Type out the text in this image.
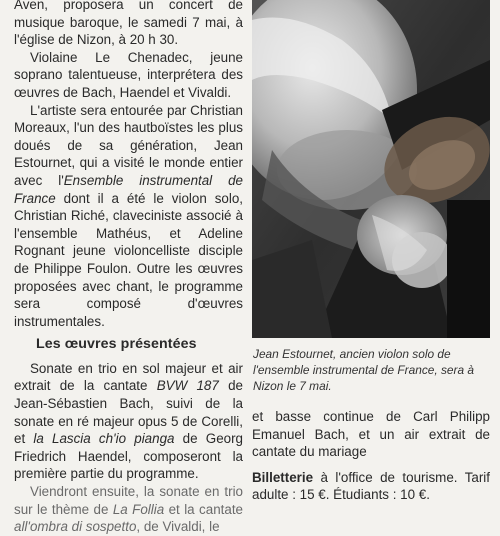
Aven, proposera un concert de musique baroque, le samedi 7 mai, à l'église de Nizon, à 20 h 30.

Violaine Le Chenadec, jeune soprano talentueuse, interprétera des œuvres de Bach, Haendel et Vivaldi.

L'artiste sera entourée par Christian Moreaux, l'un des hautboïstes les plus doués de sa génération, Jean Estournet, qui a visité le monde entier avec l'Ensemble instrumental de France dont il a été le violon solo, Christian Riché, claveciniste associé à l'ensemble Mathéus, et Adeline Rognant jeune violoncelliste disciple de Philippe Foulon. Outre les œuvres proposées avec chant, le programme sera composé d'œuvres instrumentales.

Les œuvres présentées

Sonate en trio en sol majeur et air extrait de la cantate BVW 187 de Jean-Sébastien Bach, suivi de la sonate en ré majeur opus 5 de Corelli, et la Lascia ch'io pianga de Georg Friedrich Haendel, composeront la première partie du programme.

Viendront ensuite, la sonate en trio sur le thème de La Follia et la cantate all'ombra di sospetto, de Vivaldi, le

Jean Estournet, ancien violon solo de l'ensemble instrumental de France, sera à Nizon le 7 mai.

et basse continue de Carl Philipp Emanuel Bach, et un air extrait de cantate du mariage

Billetterie à l'office de tourisme. Tarif adulte : 15 €. Étudiants : 10 €.
